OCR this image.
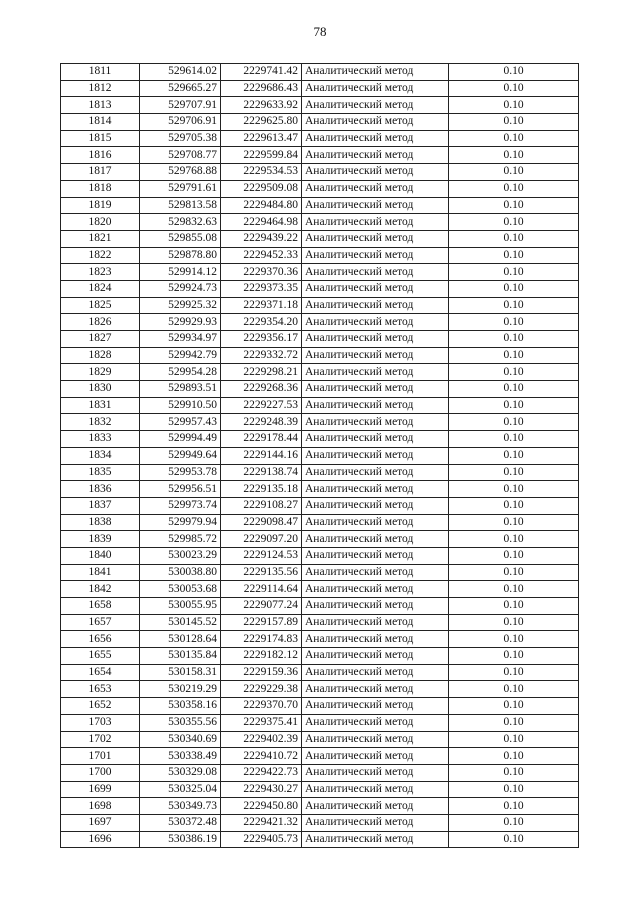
78
1811	529614.02	2229741.42	Аналитический метод	0.10
1812	529665.27	2229686.43	Аналитический метод	0.10
1813	529707.91	2229633.92	Аналитический метод	0.10
1814	529706.91	2229625.80	Аналитический метод	0.10
1815	529705.38	2229613.47	Аналитический метод	0.10
1816	529708.77	2229599.84	Аналитический метод	0.10
1817	529768.88	2229534.53	Аналитический метод	0.10
1818	529791.61	2229509.08	Аналитический метод	0.10
1819	529813.58	2229484.80	Аналитический метод	0.10
1820	529832.63	2229464.98	Аналитический метод	0.10
1821	529855.08	2229439.22	Аналитический метод	0.10
1822	529878.80	2229452.33	Аналитический метод	0.10
1823	529914.12	2229370.36	Аналитический метод	0.10
1824	529924.73	2229373.35	Аналитический метод	0.10
1825	529925.32	2229371.18	Аналитический метод	0.10
1826	529929.93	2229354.20	Аналитический метод	0.10
1827	529934.97	2229356.17	Аналитический метод	0.10
1828	529942.79	2229332.72	Аналитический метод	0.10
1829	529954.28	2229298.21	Аналитический метод	0.10
1830	529893.51	2229268.36	Аналитический метод	0.10
1831	529910.50	2229227.53	Аналитический метод	0.10
1832	529957.43	2229248.39	Аналитический метод	0.10
1833	529994.49	2229178.44	Аналитический метод	0.10
1834	529949.64	2229144.16	Аналитический метод	0.10
1835	529953.78	2229138.74	Аналитический метод	0.10
1836	529956.51	2229135.18	Аналитический метод	0.10
1837	529973.74	2229108.27	Аналитический метод	0.10
1838	529979.94	2229098.47	Аналитический метод	0.10
1839	529985.72	2229097.20	Аналитический метод	0.10
1840	530023.29	2229124.53	Аналитический метод	0.10
1841	530038.80	2229135.56	Аналитический метод	0.10
1842	530053.68	2229114.64	Аналитический метод	0.10
1658	530055.95	2229077.24	Аналитический метод	0.10
1657	530145.52	2229157.89	Аналитический метод	0.10
1656	530128.64	2229174.83	Аналитический метод	0.10
1655	530135.84	2229182.12	Аналитический метод	0.10
1654	530158.31	2229159.36	Аналитический метод	0.10
1653	530219.29	2229229.38	Аналитический метод	0.10
1652	530358.16	2229370.70	Аналитический метод	0.10
1703	530355.56	2229375.41	Аналитический метод	0.10
1702	530340.69	2229402.39	Аналитический метод	0.10
1701	530338.49	2229410.72	Аналитический метод	0.10
1700	530329.08	2229422.73	Аналитический метод	0.10
1699	530325.04	2229430.27	Аналитический метод	0.10
1698	530349.73	2229450.80	Аналитический метод	0.10
1697	530372.48	2229421.32	Аналитический метод	0.10
1696	530386.19	2229405.73	Аналитический метод	0.10
